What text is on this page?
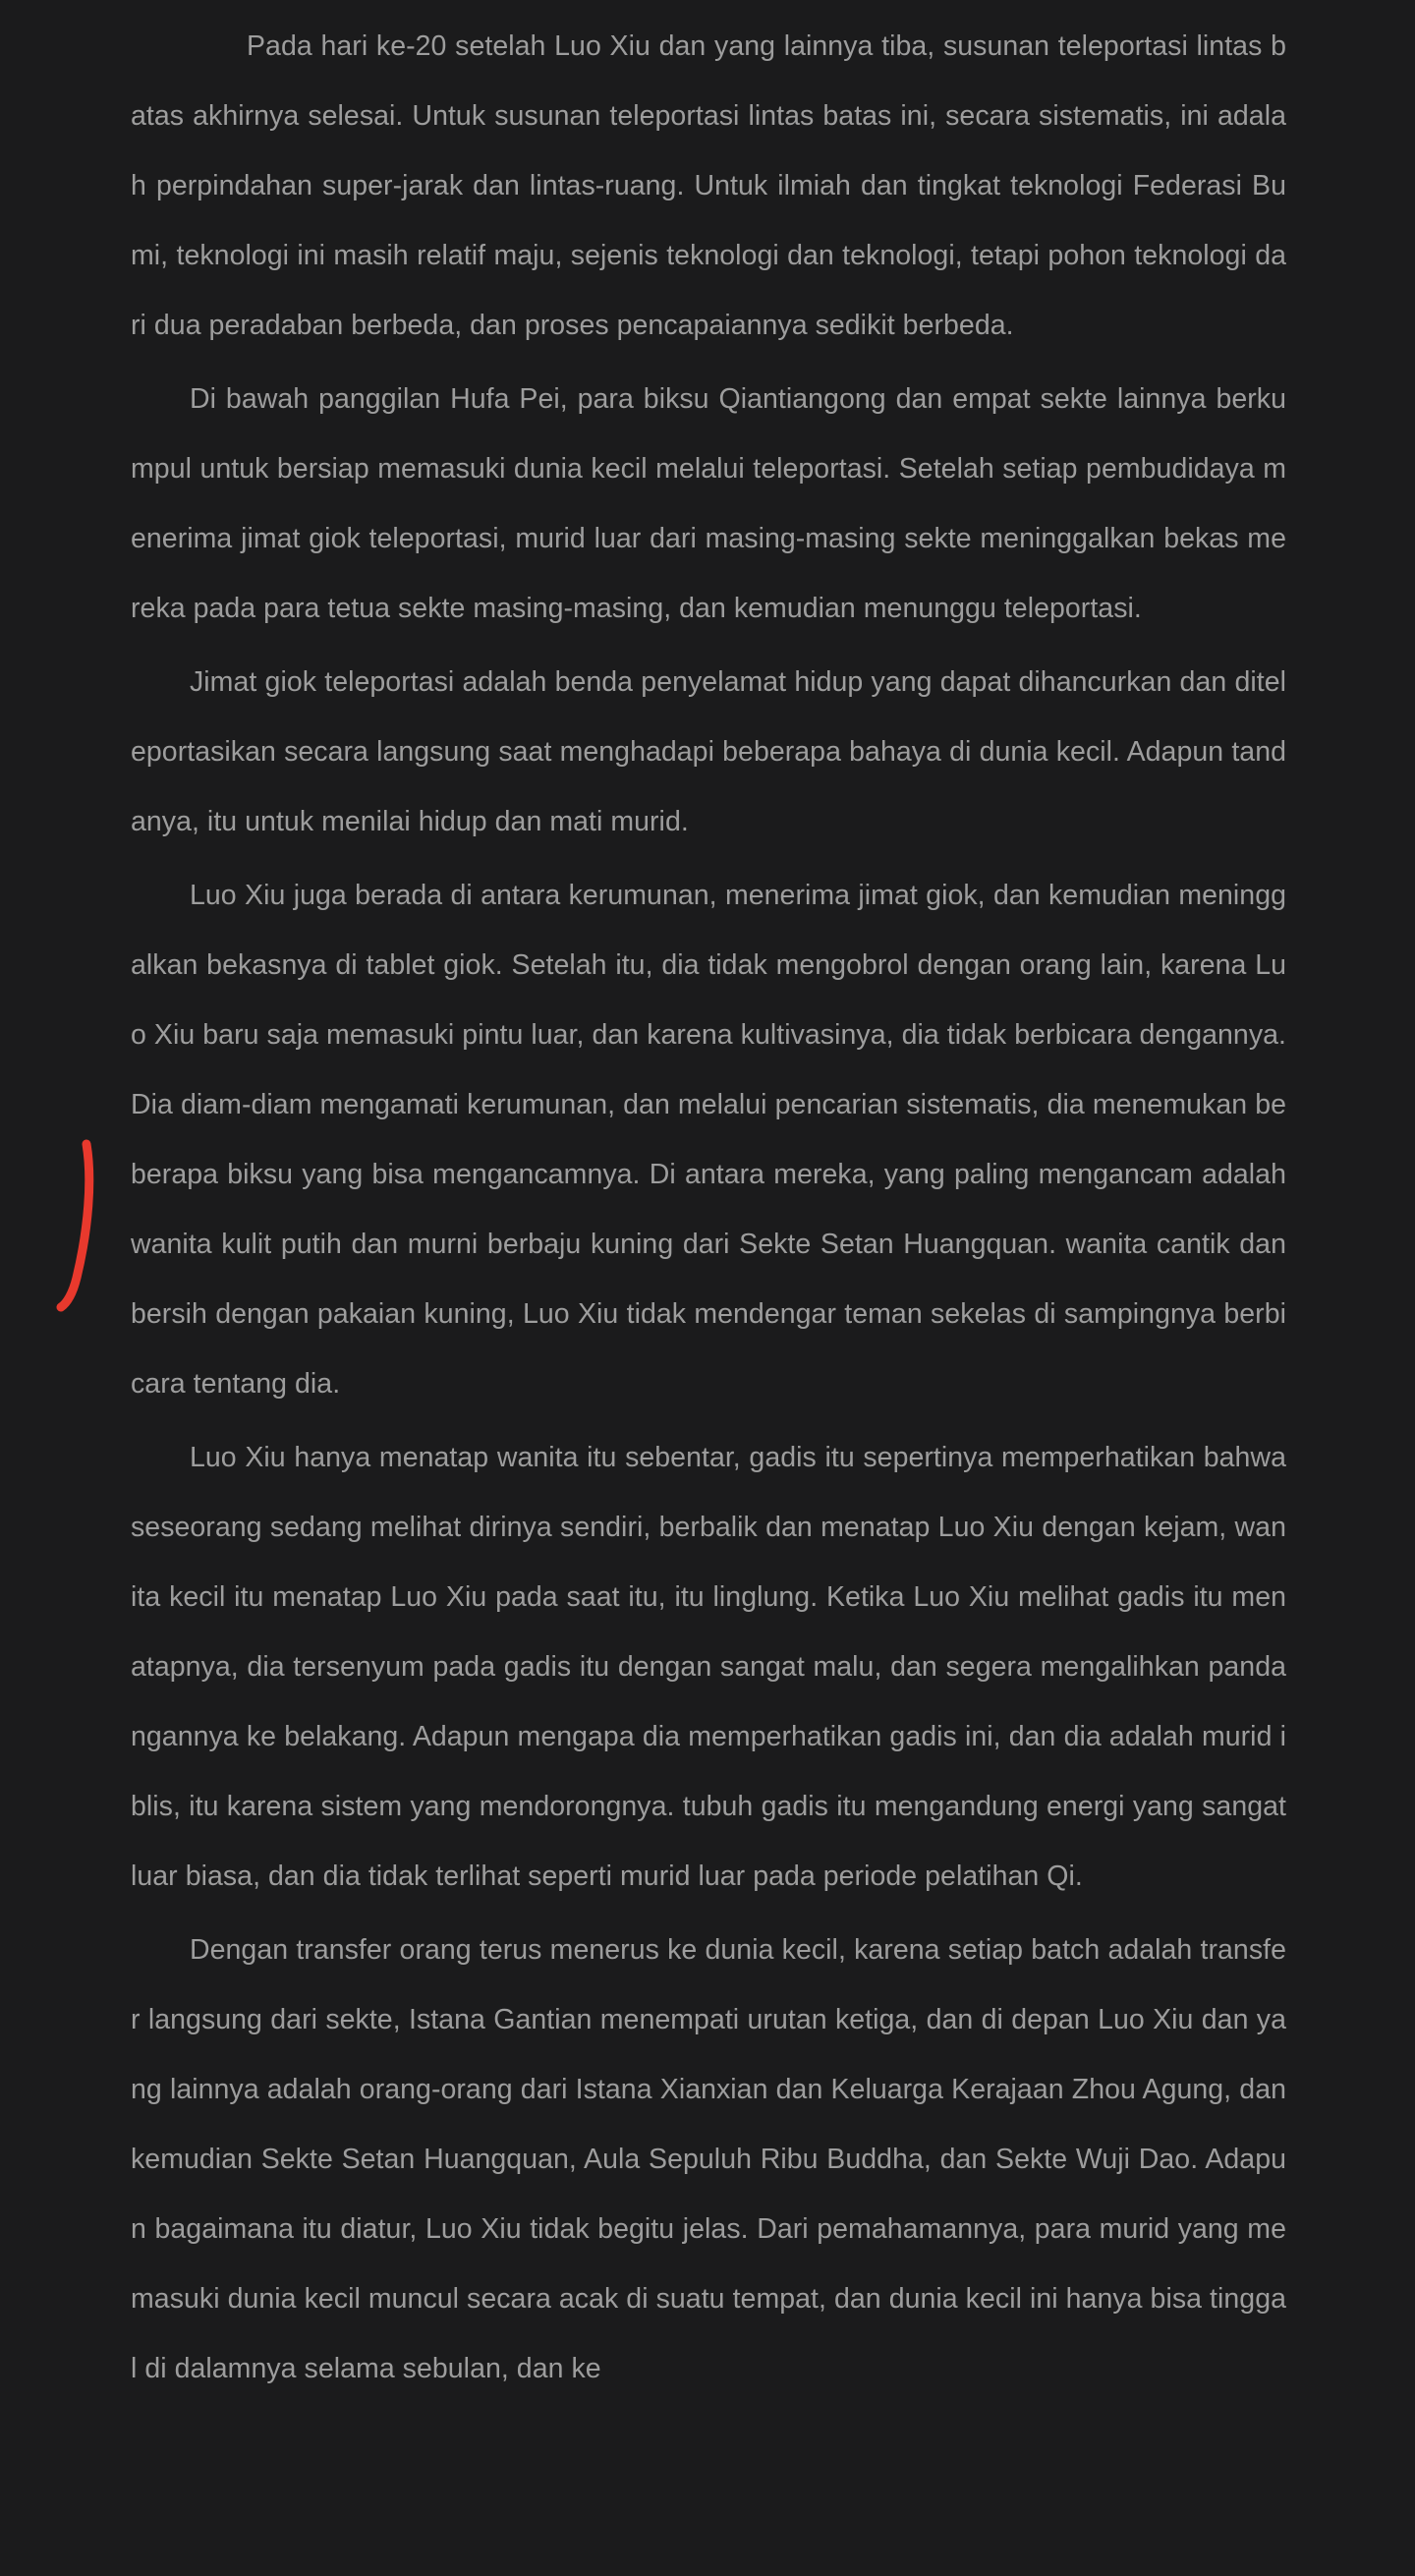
Pada hari ke-20 setelah Luo Xiu dan yang lainnya tiba, susunan teleportasi lintas batas akhirnya selesai. Untuk susunan teleportasi lintas batas ini, secara sistematis, ini adalah perpindahan super-jarak dan lintas-ruang. Untuk ilmiah dan tingkat teknologi Federasi Bumi, teknologi ini masih relatif maju, sejenis teknologi dan teknologi, tetapi pohon teknologi dari dua peradaban berbeda, dan proses pencapaiannya sedikit berbeda.

Di bawah panggilan Hufa Pei, para biksu Qiantiangong dan empat sekte lainnya berkumpul untuk bersiap memasuki dunia kecil melalui teleportasi. Setelah setiap pembudidaya menerima jimat giok teleportasi, murid luar dari masing-masing sekte meninggalkan bekas mereka pada para tetua sekte masing-masing, dan kemudian menunggu teleportasi.

Jimat giok teleportasi adalah benda penyelamat hidup yang dapat dihancurkan dan diteleportasikan secara langsung saat menghadapi beberapa bahaya di dunia kecil. Adapun tandanya, itu untuk menilai hidup dan mati murid.

Luo Xiu juga berada di antara kerumunan, menerima jimat giok, dan kemudian meninggalkan bekasnya di tablet giok. Setelah itu, dia tidak mengobrol dengan orang lain, karena Luo Xiu baru saja memasuki pintu luar, dan karena kultivasinya, dia tidak berbicara dengannya. Dia diam-diam mengamati kerumunan, dan melalui pencarian sistematis, dia menemukan beberapa biksu yang bisa mengancamnya. Di antara mereka, yang paling mengancam adalah wanita kulit putih dan murni berbaju kuning dari Sekte Setan Huangquan. wanita cantik dan bersih dengan pakaian kuning, Luo Xiu tidak mendengar teman sekelas di sampingnya berbicara tentang dia.

Luo Xiu hanya menatap wanita itu sebentar, gadis itu sepertinya memperhatikan bahwa seseorang sedang melihat dirinya sendiri, berbalik dan menatap Luo Xiu dengan kejam, wanita kecil itu menatap Luo Xiu pada saat itu, itu linglung. Ketika Luo Xiu melihat gadis itu menatapnya, dia tersenyum pada gadis itu dengan sangat malu, dan segera mengalihkan pandangannya ke belakang. Adapun mengapa dia memperhatikan gadis ini, dan dia adalah murid iblis, itu karena sistem yang mendorongnya. tubuh gadis itu mengandung energi yang sangat luar biasa, dan dia tidak terlihat seperti murid luar pada periode pelatihan Qi.

Dengan transfer orang terus menerus ke dunia kecil, karena setiap batch adalah transfer langsung dari sekte, Istana Gantian menempati urutan ketiga, dan di depan Luo Xiu dan yang lainnya adalah orang-orang dari Istana Xianxian dan Keluarga Kerajaan Zhou Agung, dan kemudian Sekte Setan Huangquan, Aula Sepuluh Ribu Buddha, dan Sekte Wuji Dao. Adapun bagaimana itu diatur, Luo Xiu tidak begitu jelas. Dari pemahamannya, para murid yang memasuki dunia kecil muncul secara acak di suatu tempat, dan dunia kecil ini hanya bisa tinggal di dalamnya selama sebulan, dan ke
